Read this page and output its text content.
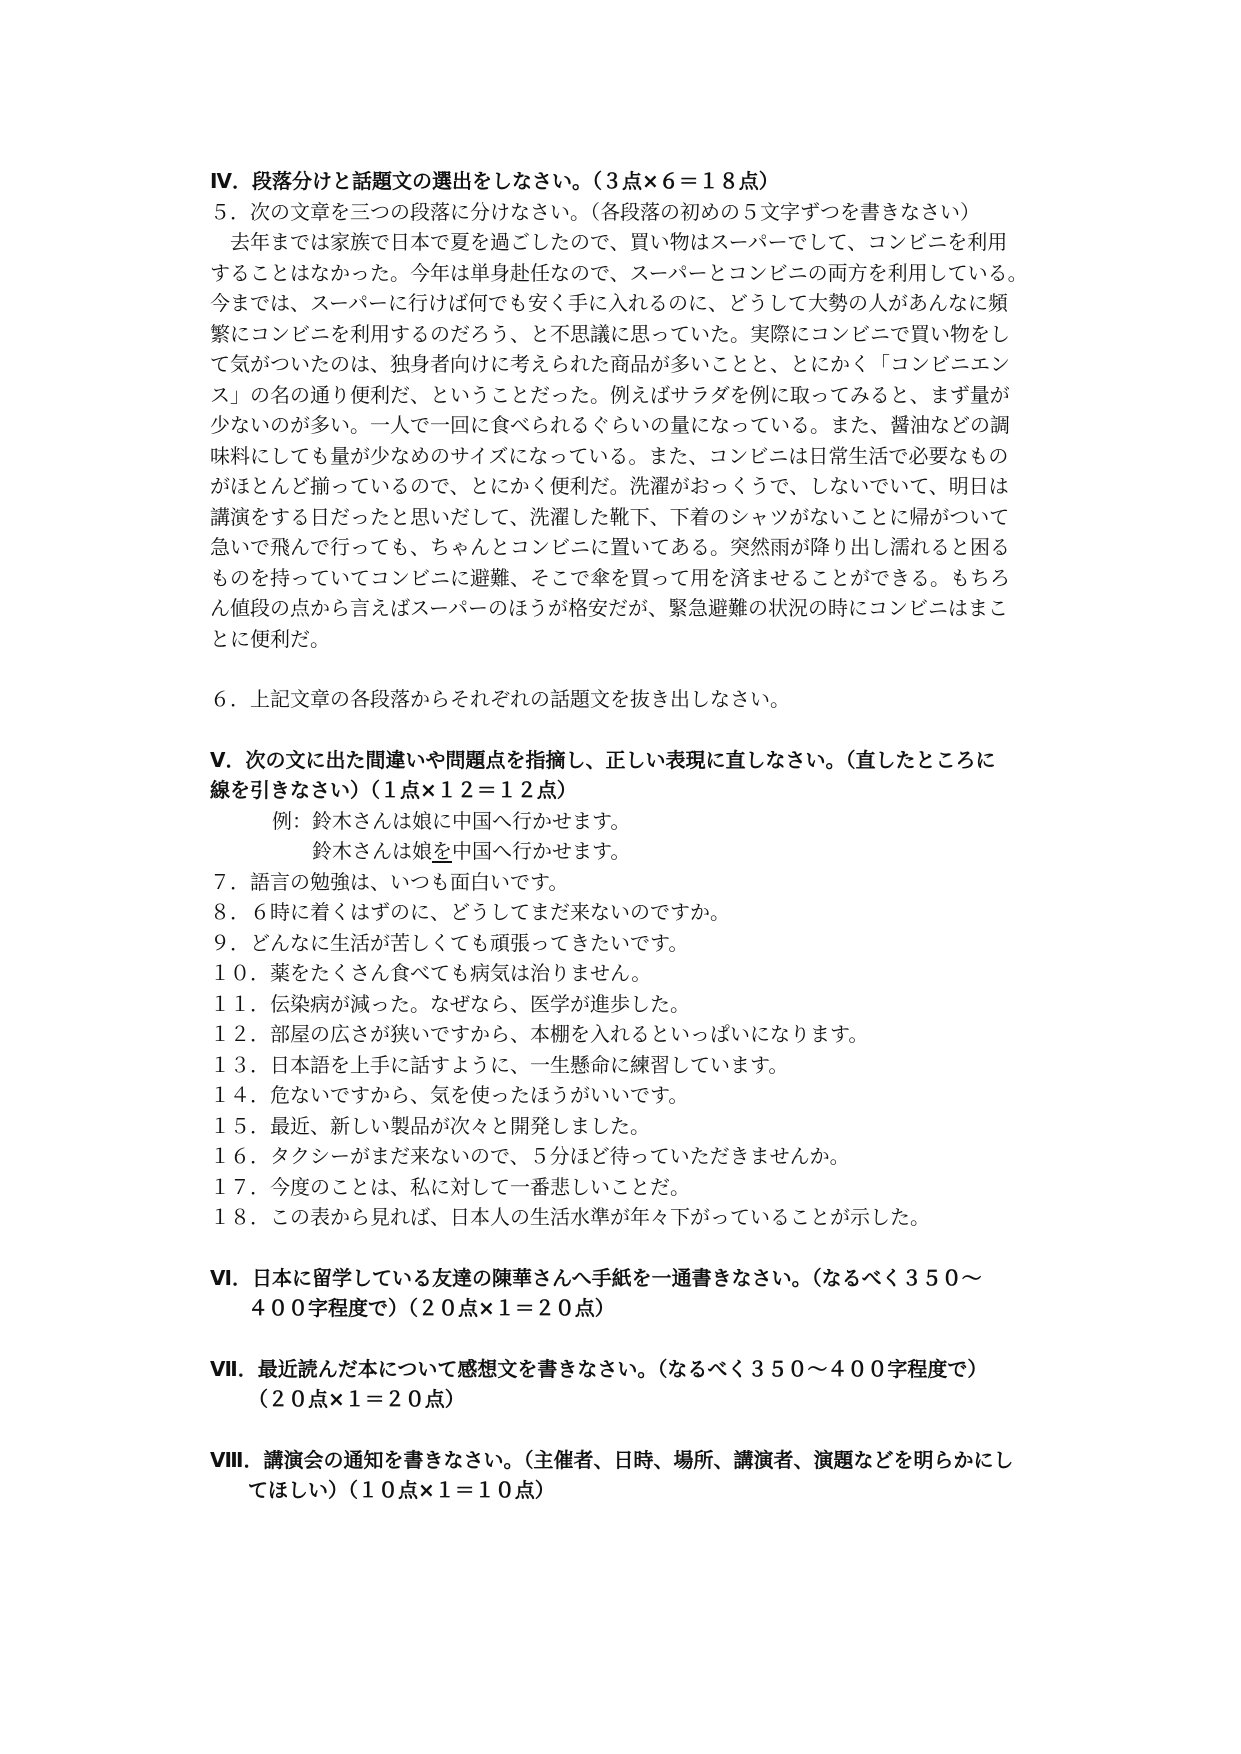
Ⅳ．段落分けと話題文の選出をしなさい。（３点×６＝１８点）
５．次の文章を三つの段落に分けなさい。（各段落の初めの５文字ずつを書きなさい）
　去年までは家族で日本で夏を過ごしたので、買い物はスーパーでして、コンビニを利用
することはなかった。今年は単身赴任なので、スーパーとコンビニの両方を利用している。
今までは、スーパーに行けば何でも安く手に入れるのに、どうして大勢の人があんなに頻
繁にコンビニを利用するのだろう、と不思議に思っていた。実際にコンビニで買い物をし
て気がついたのは、独身者向けに考えられた商品が多いことと、とにかく「コンビニエン
ス」の名の通り便利だ、ということだった。例えばサラダを例に取ってみると、まず量が
少ないのが多い。一人で一回に食べられるぐらいの量になっている。また、醤油などの調
味料にしても量が少なめのサイズになっている。また、コンビニは日常生活で必要なもの
がほとんど揃っているので、とにかく便利だ。洗濯がおっくうで、しないでいて、明日は
講演をする日だったと思いだして、洗濯した靴下、下着のシャツがないことに帰がついて
急いで飛んで行っても、ちゃんとコンビニに置いてある。突然雨が降り出し濡れると困る
ものを持っていてコンビニに避難、そこで傘を買って用を済ませることができる。もちろ
ん値段の点から言えばスーパーのほうが格安だが、緊急避難の状況の時にコンビニはまこ
とに便利だ。
６．上記文章の各段落からそれぞれの話題文を抜き出しなさい。
Ⅴ．次の文に出た間違いや問題点を指摘し、正しい表現に直しなさい。（直したところに
線を引きなさい）（１点×１２＝１２点）
例：鈴木さんは娘に中国へ行かせます。
鈴木さんは娘を中国へ行かせます。
７．語言の勉強は、いつも面白いです。
８．６時に着くはずのに、どうしてまだ来ないのですか。
９．どんなに生活が苦しくても頑張ってきたいです。
１０．薬をたくさん食べても病気は治りません。
１１．伝染病が減った。なぜなら、医学が進歩した。
１２．部屋の広さが狭いですから、本棚を入れるといっぱいになります。
１３．日本語を上手に話すように、一生懸命に練習しています。
１４．危ないですから、気を使ったほうがいいです。
１５．最近、新しい製品が次々と開発しました。
１６．タクシーがまだ来ないので、５分ほど待っていただきませんか。
１７．今度のことは、私に対して一番悲しいことだ。
１８．この表から見れば、日本人の生活水準が年々下がっていることが示した。
Ⅵ．日本に留学している友達の陳華さんへ手紙を一通書きなさい。（なるべく３５０～
４００字程度で）（２０点×１＝２０点）
Ⅶ．最近読んだ本について感想文を書きなさい。（なるべく３５０～４００字程度で）
（２０点×１＝２０点）
Ⅷ．講演会の通知を書きなさい。（主催者、日時、場所、講演者、演題などを明らかにし
てほしい）（１０点×１＝１０点）
